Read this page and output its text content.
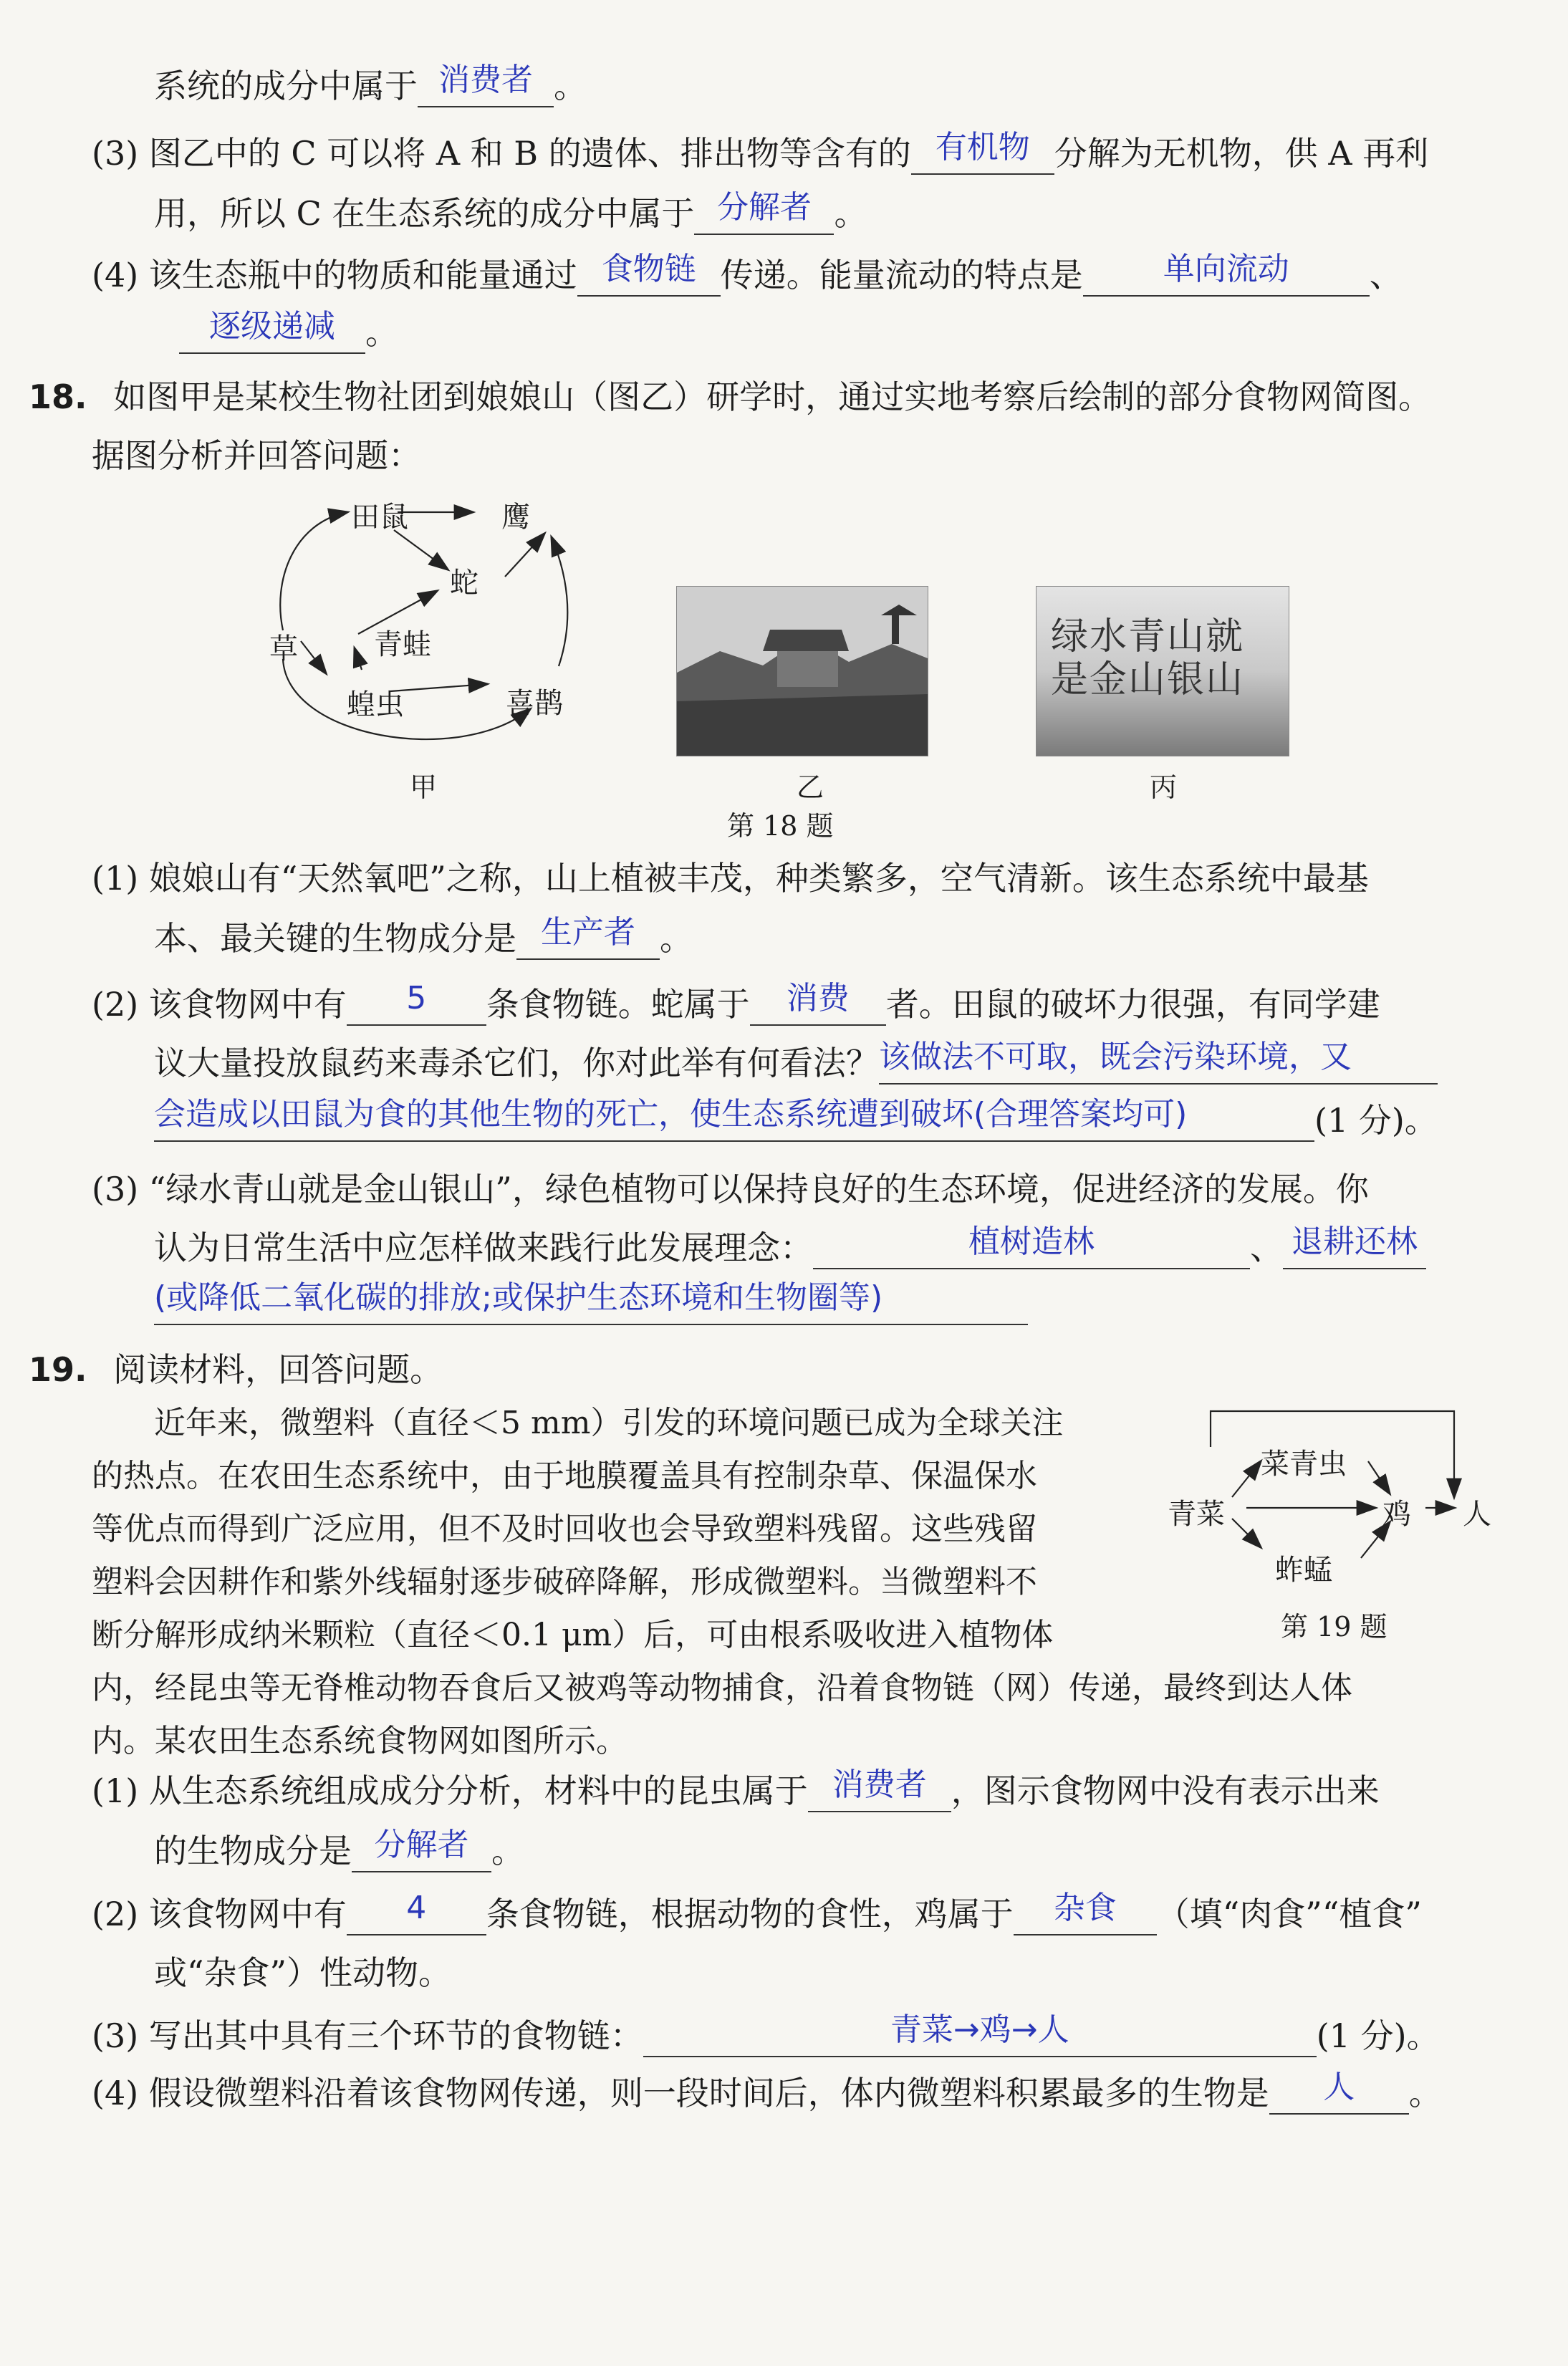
系统的成分中属于 消费者 。
(3) 图乙中的 C 可以将 A 和 B 的遗体、排出物等含有的 有机物 分解为无机物，供 A 再利
用，所以 C 在生态系统的成分中属于 分解者 。
(4) 该生态瓶中的物质和能量通过 食物链 传递。能量流动的特点是	单向流动 、
逐级递减 。
18. 如图甲是某校生物社团到娘娘山（图乙）研学时，通过实地考察后绘制的部分食物网简图。
据图分析并回答问题：
田鼠	鹰
蛇
青蛙
草
蝗虫	喜鹊
甲	乙
绿水青山就是金山银山
丙
第 18 题
(1) 娘娘山有“天然氧吧”之称，山上植被丰茂，种类繁多，空气清新。该生态系统中最基
本、最关键的生物成分是 生产者 。
(2) 该食物网中有 5 条食物链。蛇属于 消费 者。田鼠的破坏力很强，有同学建
议大量投放鼠药来毒杀它们，你对此举有何看法？该做法不可取，既会污染环境，又
会造成以田鼠为食的其他生物的死亡，使生态系统遭到破坏(合理答案均可)	(1 分)。
(3) “绿水青山就是金山银山”，绿色植物可以保持良好的生态环境，促进经济的发展。你
认为日常生活中应怎样做来践行此发展理念：	植树造林	、 退耕还林
(或降低二氧化碳的排放;或保护生态环境和生物圈等)
19. 阅读材料，回答问题。
近年来，微塑料（直径＜5 mm）引发的环境问题已成为全球关注
的热点。在农田生态系统中，由于地膜覆盖具有控制杂草、保温保水
等优点而得到广泛应用，但不及时回收也会导致塑料残留。这些残留
塑料会因耕作和紫外线辐射逐步破碎降解，形成微塑料。当微塑料不
断分解形成纳米颗粒（直径＜0.1 μm）后，可由根系吸收进入植物体
内，经昆虫等无脊椎动物吞食后又被鸡等动物捕食，沿着食物链（网）传递，最终到达人体
内。某农田生态系统食物网如图所示。
菜青虫
青菜	鸡 人
蚱蜢
第 19 题
(1) 从生态系统组成成分分析，材料中的昆虫属于 消费者 ，图示食物网中没有表示出来
的生物成分是 分解者 。
(2) 该食物网中有 4 条食物链，根据动物的食性，鸡属于 杂食 （填“肉食”“植食”
或“杂食”）性动物。
(3) 写出其中具有三个环节的食物链：	青菜→鸡→人	(1 分)。
(4) 假设微塑料沿着该食物网传递，则一段时间后，体内微塑料积累最多的生物是 人 。
